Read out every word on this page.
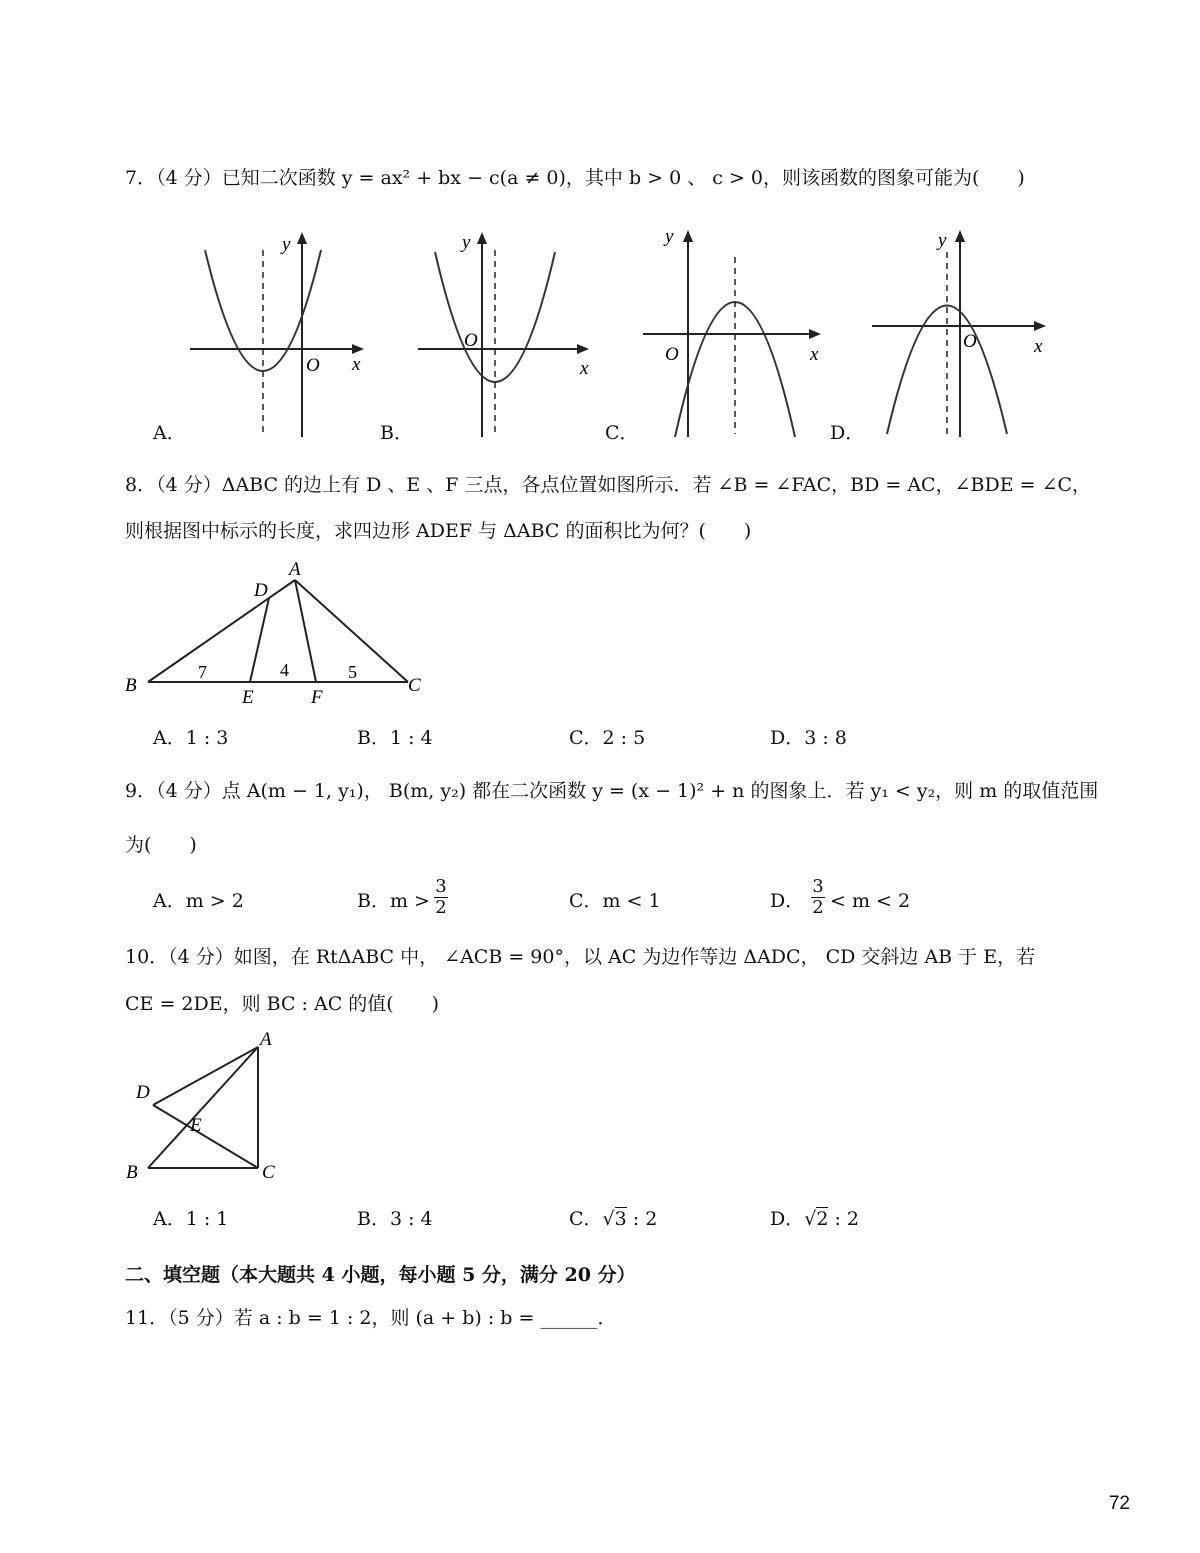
7．（4 分）已知二次函数 y = ax² + bx − c(a ≠ 0)，其中 b > 0 、 c > 0，则该函数的图象可能为(　　)
y
x
O
A．
y
x
O
B．
y
x
O
C．
y
x
O
D．
8．（4 分）ΔABC 的边上有 D 、E 、F 三点，各点位置如图所示．若 ∠B = ∠FAC，BD = AC，∠BDE = ∠C，
则根据图中标示的长度，求四边形 ADEF 与 ΔABC 的面积比为何？(　　)
A
D
B	C
E	F
7	4	5
A．1 : 3	B．1 : 4	C．2 : 5	D．3 : 8
9．（4 分）点 A(m − 1, y₁)， B(m, y₂) 都在二次函数 y = (x − 1)² + n 的图象上．若 y₁ < y₂，则 m 的取值范围
为(　　)
A．m > 2	B．$m > \frac{3}{2}$	C．m < 1	D． $\frac{3}{2} < m < 2$
10．（4 分）如图，在 RtΔABC 中， ∠ACB = 90°，以 AC 为边作等边 ΔADC， CD 交斜边 AB 于 E，若
CE = 2DE，则 BC : AC 的值(　　)
A
D
E
B	C
A．1 : 1	B．3 : 4	C．√3 : 2	D．√2 : 2
二、填空题（本大题共 4 小题，每小题 5 分，满分 20 分）
11．（5 分）若 a : b = 1 : 2，则 (a + b) : b = ______．
72
